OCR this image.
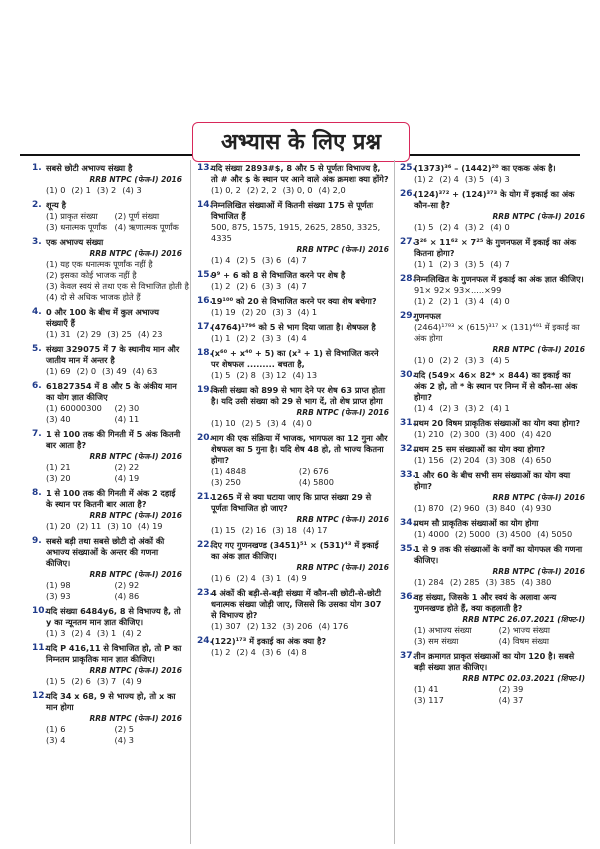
अभ्यास के लिए प्रश्न
1. सबसे छोटी अभाज्य संख्या है
RRB NTPC (फेज-I) 2016
(1) 0 (2) 1 (3) 2 (4) 3
2. शून्य है
(1) प्राकृत संख्या	(2) पूर्ण संख्या
(3) धनात्मक पूर्णांक (4) ऋणात्मक पूर्णांक
3. एक अभाज्य संख्या
RRB NTPC (फेज-I) 2016
(1) यह एक धनात्मक पूर्णांक नहीं है
(2) इसका कोई भाजक नहीं है
(3) केवल स्वयं से तथा एक से विभाजित होती है
(4) दो से अधिक भाजक होते हैं
4. 0 और 100 के बीच में कुल अभाज्य संख्याएँ हैं
(1) 31 (2) 29 (3) 25 (4) 23
5. संख्या 329075 में 7 के स्थानीय मान और जातीय मान में अन्तर है
(1) 69 (2) 0 (3) 49 (4) 63
6. 61827354 में 8 और 5 के अंकीय मान का योग ज्ञात कीजिए
(1) 60000300	(2) 30
(3) 40	(4) 11
7. 1 से 100 तक की गिनती में 5 अंक कितनी बार आता है?
RRB NTPC (फेज-I) 2016
(1) 21	(2) 22
(3) 20	(4) 19
8. 1 से 100 तक की गिनती में अंक 2 दहाई के स्थान पर कितनी बार आता है?
RRB NTPC (फेज-I) 2016
(1) 20 (2) 11 (3) 10 (4) 19
9. सबसे बड़ी तथा सबसे छोटी दो अंकों की अभाज्य संख्याओं के अन्तर की गणना कीजिए।
RRB NTPC (फेज-I) 2016
(1) 98	(2) 92
(3) 93	(4) 86
10.
यदि संख्या 6484y6, 8 से विभाज्य है, तो y का न्यूनतम मान ज्ञात कीजिए।
(1) 3 (2) 4 (3) 1 (4) 2
11.
यदि P 416,11 से विभाजित हो, तो P का निम्नतम प्राकृतिक मान ज्ञात कीजिए।
RRB NTPC (फेज-I) 2016
(1) 5 (2) 6 (3) 7 (4) 9
12.
यदि 34 x 68, 9 से भाज्य हो, तो x का मान होगा
RRB NTPC (फेज-I) 2016
(1) 6	(2) 5
(3) 4	(4) 3
13.
यदि संख्या 2893#$, 8 और 5 से पूर्णतः विभाज्य है, तो # और $ के स्थान पर आने वाले अंक क्रमशः क्या होंगे?
(1) 0, 2 (2) 2, 2 (3) 0, 0 (4) 2,0
14.
निम्नलिखित संख्याओं में कितनी संख्या 175 से पूर्णतः विभाजित हैं
500, 875, 1575, 1915, 2625, 2850, 3325, 4335
RRB NTPC (फेज-I) 2016
(1) 4 (2) 5 (3) 6 (4) 7
15.
9⁹ + 6 को 8 से विभाजित करने पर शेष है
(1) 2 (2) 6 (3) 3 (4) 7
16.
19¹⁰⁰ को 20 से विभाजित करने पर क्या शेष बचेगा?
(1) 19 (2) 20 (3) 3 (4) 1
17.
(4764)¹⁷⁹⁶ को 5 से भाग दिया जाता है। शेषफल है
(1) 1 (2) 2 (3) 3 (4) 4
18.
(x⁶⁰ + x⁴⁰ + 5) का (x³ + 1) से विभाजित करने पर शेषफल ......... बचता है,
(1) 5 (2) 8 (3) 12 (4) 13
19.
किसी संख्या को 899 से भाग देने पर शेष 63 प्राप्त होता है। यदि उसी संख्या को 29 से भाग दें, तो शेष प्राप्त होगा
RRB NTPC (फेज-I) 2016
(1) 10 (2) 5 (3) 4 (4) 0
20.
भाग की एक संक्रिया में भाजक, भागफल का 12 गुना और शेषफल का 5 गुना है। यदि शेष 48 हो, तो भाज्य कितना होगा?
(1) 4848	(2) 676
(3) 250	(4) 5800
21.
1265 में से क्या घटाया जाए कि प्राप्त संख्या 29 से पूर्णतः विभाजित हो जाए?
RRB NTPC (फेज-I) 2016
(1) 15 (2) 16 (3) 18 (4) 17
22.
दिए गए गुणनखण्ड (3451)⁵¹ × (531)⁴³ में इकाई का अंक ज्ञात कीजिए।
RRB NTPC (फेज-I) 2016
(1) 6 (2) 4 (3) 1 (4) 9
23.
4 अंकों की बड़ी-से-बड़ी संख्या में कौन-सी छोटी-से-छोटी धनात्मक संख्या जोड़ी जाए, जिससे कि उसका योग 307 से विभाज्य हो?
(1) 307 (2) 132 (3) 206 (4) 176
24.
(122)¹⁷³ में इकाई का अंक क्या है?
(1) 2 (2) 4 (3) 6 (4) 8
25.
(1373)³⁶ – (1442)²⁰ का एकक अंक है।
(1) 2 (2) 4 (3) 5 (4) 3
26.
(124)³⁷² + (124)³⁷³ के योग में इकाई का अंक कौन-सा है?
RRB NTPC (फेज-I) 2016
(1) 5 (2) 4 (3) 2 (4) 0
27.
3²⁶ × 11⁶² × 7²⁵ के गुणनफल में इकाई का अंक कितना होगा?
(1) 1 (2) 3 (3) 5 (4) 7
28.
निम्नलिखित के गुणनफल में इकाई का अंक ज्ञात कीजिए।
91× 92× 93×.....×99
(1) 2 (2) 1 (3) 4 (4) 0
29.
गुणनफल
(2464)¹⁷⁹³ × (615)³¹⁷ × (131)⁴⁹¹ में इकाई का अंक होगा
RRB NTPC (फेज-I) 2016
(1) 0 (2) 2 (3) 3 (4) 5
30.
यदि (549× 46× 82* × 844) का इकाई का अंक 2 हो, तो * के स्थान पर निम्न में से कौन-सा अंक होगा?
(1) 4 (2) 3 (3) 2 (4) 1
31.
प्रथम 20 विषम प्राकृतिक संख्याओं का योग क्या होगा?
(1) 210 (2) 300 (3) 400 (4) 420
32.
प्रथम 25 सम संख्याओं का योग क्या होगा?
(1) 156 (2) 204 (3) 308 (4) 650
33.
1 और 60 के बीच सभी सम संख्याओं का योग क्या होगा?
RRB NTPC (फेज-I) 2016
(1) 870 (2) 960 (3) 840 (4) 930
34.
प्रथम सौ प्राकृतिक संख्याओं का योग होगा
(1) 4000 (2) 5000 (3) 4500 (4) 5050
35.
1 से 9 तक की संख्याओं के वर्गों का योगफल की गणना कीजिए।
RRB NTPC (फेज-I) 2016
(1) 284 (2) 285 (3) 385 (4) 380
36.
वह संख्या, जिसके 1 और स्वयं के अलावा अन्य गुणनखण्ड होते हैं, क्या कहलाती है?
RRB NTPC 26.07.2021 (शिफ्ट-I)
(1) अभाज्य संख्या	(2) भाज्य संख्या
(3) सम संख्या	(4) विषम संख्या
37.
तीन क्रमागत प्राकृत संख्याओं का योग 120 है। सबसे बड़ी संख्या ज्ञात कीजिए।
RRB NTPC 02.03.2021 (शिफ्ट-I)
(1) 41	(2) 39
(3) 117	(4) 37
